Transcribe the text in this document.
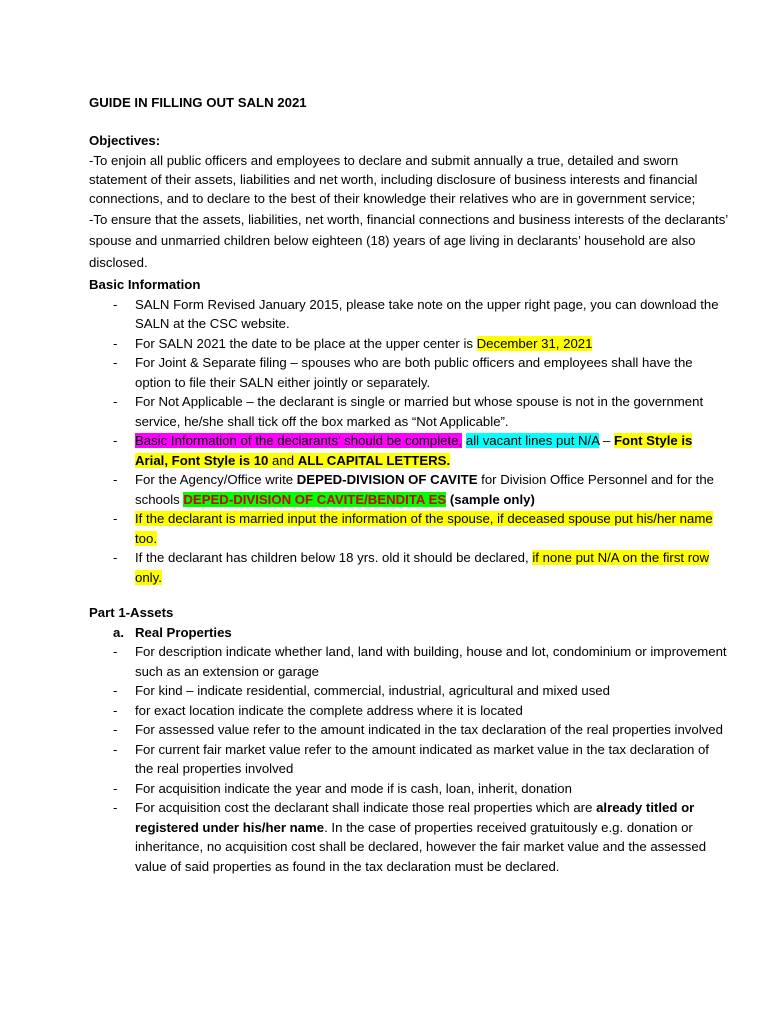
GUIDE IN FILLING OUT SALN 2021
Objectives:

-To enjoin all public officers and employees to declare and submit annually a true, detailed and sworn statement of their assets, liabilities and net worth, including disclosure of business interests and financial connections, and to declare to the best of their knowledge their relatives who are in government service;

-To ensure that the assets, liabilities, net worth, financial connections and business interests of the declarants’ spouse and unmarried children below eighteen (18) years of age living in declarants’ household are also disclosed.

Basic Information
- SALN Form Revised January 2015, please take note on the upper right page, you can download the SALN at the CSC website.
- For SALN 2021 the date to be place at the upper center is December 31, 2021
- For Joint & Separate filing – spouses who are both public officers and employees shall have the option to file their SALN either jointly or separately.
- For Not Applicable – the declarant is single or married but whose spouse is not in the government service, he/she shall tick off the box marked as “Not Applicable”.
- Basic Information of the declarants’ should be complete, all vacant lines put N/A – Font Style is Arial, Font Style is 10 and ALL CAPITAL LETTERS.
- For the Agency/Office write DEPED-DIVISION OF CAVITE for Division Office Personnel and for the schools DEPED-DIVISION OF CAVITE/BENDITA ES (sample only)
- If the declarant is married input the information of the spouse, if deceased spouse put his/her name too.
- If the declarant has children below 18 yrs. old it should be declared, if none put N/A on the first row only.
Part 1-Assets
a. Real Properties
- For description indicate whether land, land with building, house and lot, condominium or improvement such as an extension or garage
- For kind – indicate residential, commercial, industrial, agricultural and mixed used
- for exact location indicate the complete address where it is located
- For assessed value refer to the amount indicated in the tax declaration of the real properties involved
- For current fair market value refer to the amount indicated as market value in the tax declaration of the real properties involved
- For acquisition indicate the year and mode if is cash, loan, inherit, donation
- For acquisition cost the declarant shall indicate those real properties which are already titled or registered under his/her name. In the case of properties received gratuitously e.g. donation or inheritance, no acquisition cost shall be declared, however the fair market value and the assessed value of said properties as found in the tax declaration must be declared.
